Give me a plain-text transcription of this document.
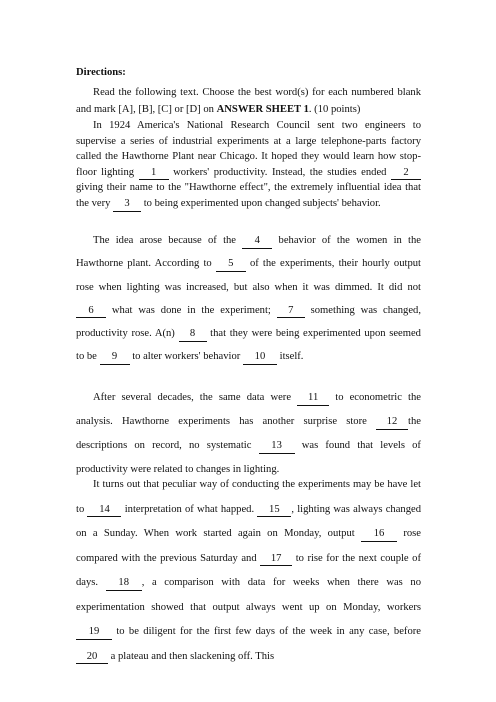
Directions:

Read the following text. Choose the best word(s) for each numbered blank and mark [A], [B], [C] or [D] on ANSWER SHEET 1. (10 points)

In 1924 America's National Research Council sent two engineers to supervise a series of industrial experiments at a large telephone-parts factory called the Hawthorne Plant near Chicago. It hoped they would learn how stop-floor lighting 1 workers' productivity. Instead, the studies ended 2 giving their name to the "Hawthorne effect", the extremely influential idea that the very 3 to being experimented upon changed subjects' behavior.

The idea arose because of the 4 behavior of the women in the Hawthorne plant. According to 5 of the experiments, their hourly output rose when lighting was increased, but also when it was dimmed. It did not 6 what was done in the experiment; 7 something was changed, productivity rose. A(n) 8 that they were being experimented upon seemed to be 9 to alter workers' behavior 10 itself.

After several decades, the same data were 11 to econometric the analysis. Hawthorne experiments has another surprise store 12 the descriptions on record, no systematic 13 was found that levels of productivity were related to changes in lighting.

It turns out that peculiar way of conducting the experiments may be have let to 14 interpretation of what happed. 15 , lighting was always changed on a Sunday. When work started again on Monday, output 16 rose compared with the previous Saturday and 17 to rise for the next couple of days. 18 , a comparison with data for weeks when there was no experimentation showed that output always went up on Monday, workers 19 to be diligent for the first few days of the week in any case, before 20 a plateau and then slackening off. This
